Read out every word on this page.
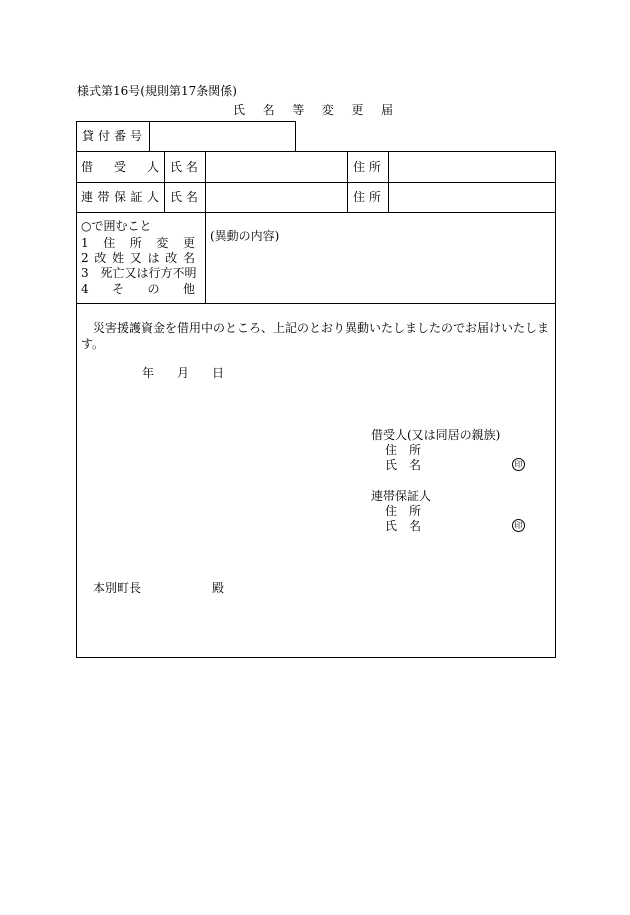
様式第16号(規則第17条関係)
氏 名 等 変 更 届
貸 付 番 号
借 受 人 氏 名	住 所
連 帯 保 証 人 氏 名	住 所
○で囲むこと
1 住 所 変 更
2 改 姓 又 は 改 名
3 死亡又は行方不明
4 そ の 他
(異動の内容)
災害援護資金を借用中のところ、上記のとおり異動いたしましたのでお届けいたしま
す。
年 月 日
借受人(又は同居の親族)
住　所
氏　名	印
連帯保証人
住　所
氏　名	印
本別町長	殿
